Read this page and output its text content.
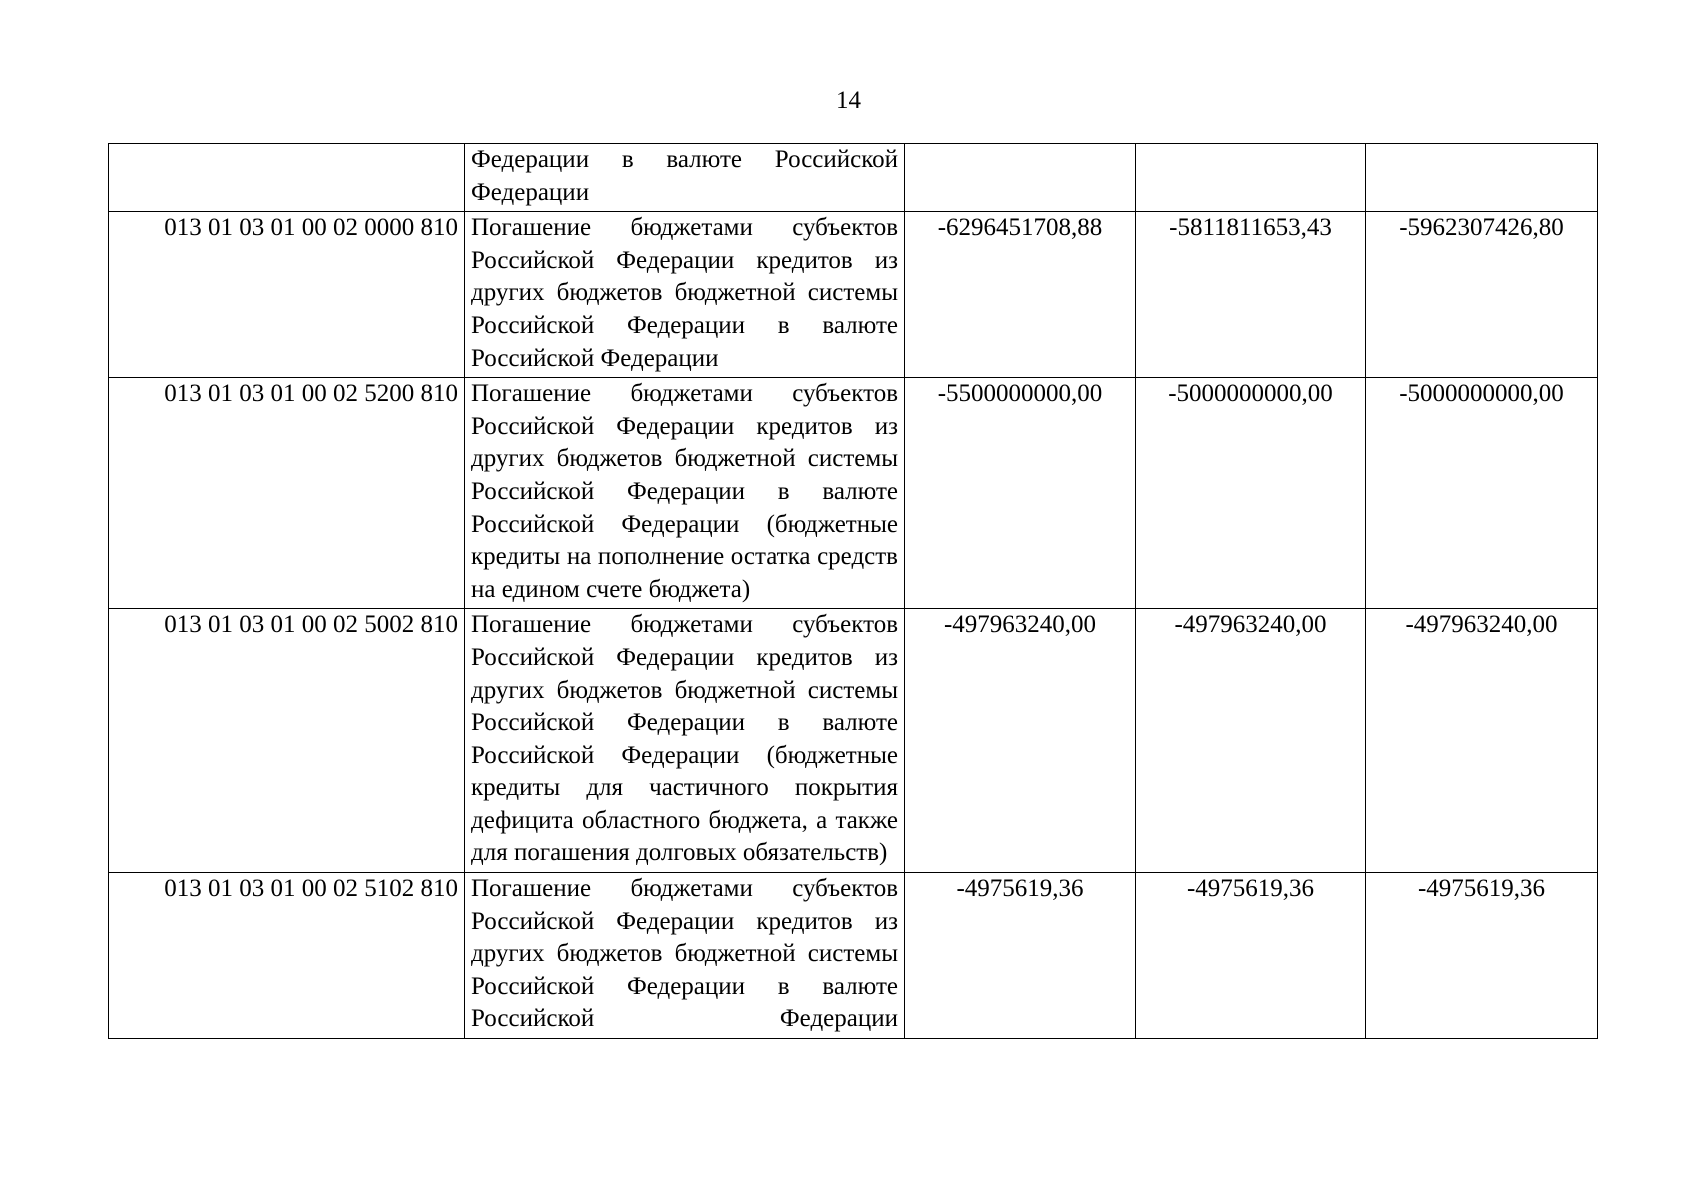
14
	Федерации в валюте Российской Федерации			
013 01 03 01 00 02 0000 810	Погашение бюджетами субъектов Российской Федерации кредитов из других бюджетов бюджетной системы Российской Федерации в валюте Российской Федерации	-6296451708,88	-5811811653,43	-5962307426,80
013 01 03 01 00 02 5200 810	Погашение бюджетами субъектов Российской Федерации кредитов из других бюджетов бюджетной системы Российской Федерации в валюте Российской Федерации (бюджетные кредиты на пополнение остатка средств на едином счете бюджета)	-5500000000,00	-5000000000,00	-5000000000,00
013 01 03 01 00 02 5002 810	Погашение бюджетами субъектов Российской Федерации кредитов из других бюджетов бюджетной системы Российской Федерации в валюте Российской Федерации (бюджетные кредиты для частичного покрытия дефицита областного бюджета, а также для погашения долговых обязательств)	-497963240,00	-497963240,00	-497963240,00
013 01 03 01 00 02 5102 810	Погашение бюджетами субъектов Российской Федерации кредитов из других бюджетов бюджетной системы Российской Федерации в валюте Российской Федерации	-4975619,36	-4975619,36	-4975619,36
